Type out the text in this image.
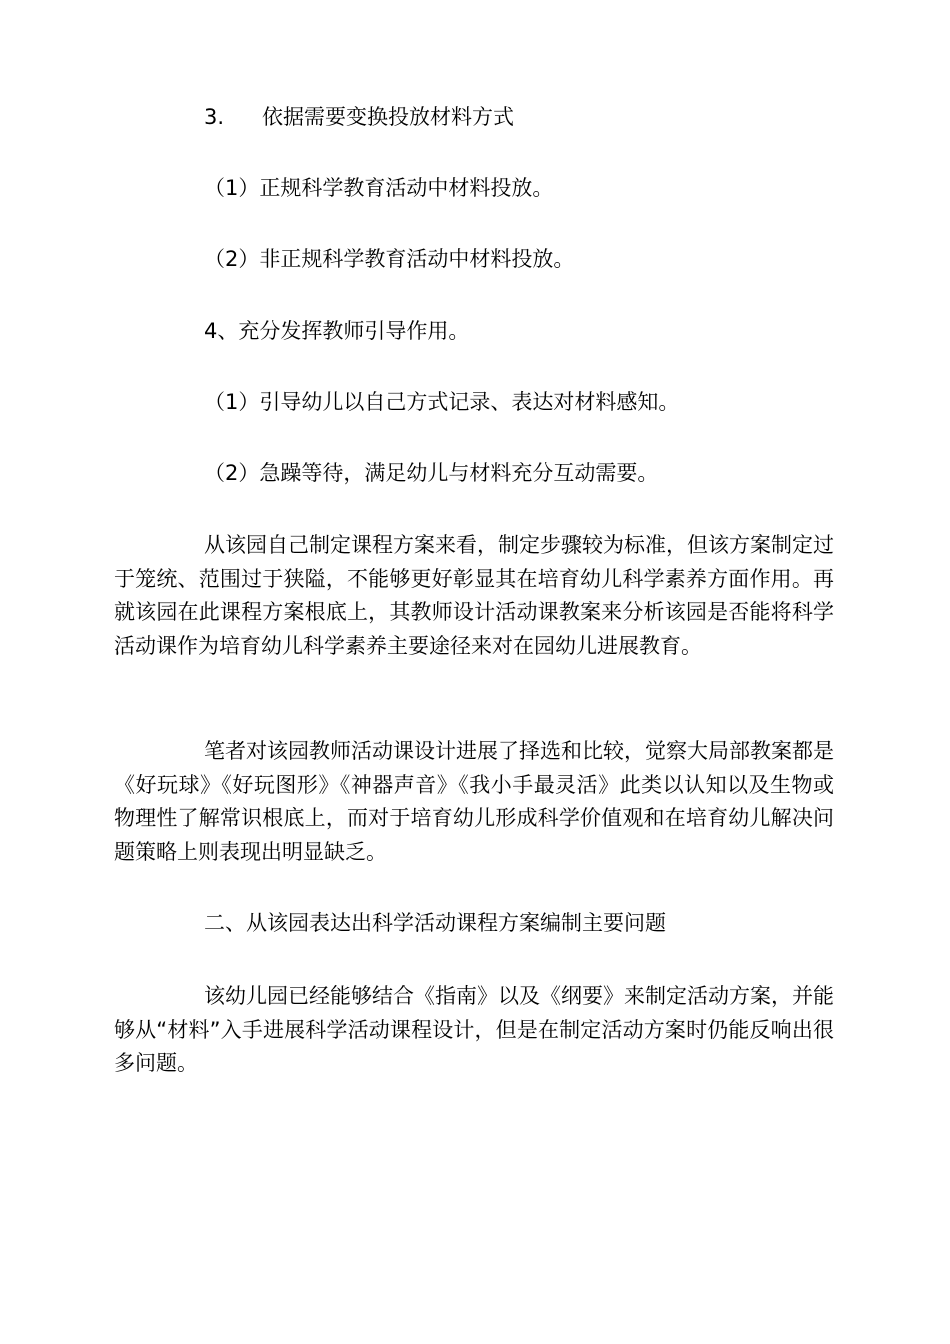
3. 依据需要变换投放材料方式
（1）正规科学教育活动中材料投放。
（2）非正规科学教育活动中材料投放。
4、充分发挥教师引导作用。
（1）引导幼儿以自己方式记录、表达对材料感知。
（2）急躁等待，满足幼儿与材料充分互动需要。
从该园自己制定课程方案来看，制定步骤较为标准，但该方案制定过于笼统、范围过于狭隘，不能够更好彰显其在培育幼儿科学素养方面作用。再就该园在此课程方案根底上，其教师设计活动课教案来分析该园是否能将科学活动课作为培育幼儿科学素养主要途径来对在园幼儿进展教育。
笔者对该园教师活动课设计进展了择选和比较，觉察大局部教案都是《好玩球》《好玩图形》《神器声音》《我小手最灵活》此类以认知以及生物或物理性了解常识根底上，而对于培育幼儿形成科学价值观和在培育幼儿解决问题策略上则表现出明显缺乏。
二、从该园表达出科学活动课程方案编制主要问题
该幼儿园已经能够结合《指南》以及《纲要》来制定活动方案，并能够从“材料”入手进展科学活动课程设计，但是在制定活动方案时仍能反响出很多问题。
